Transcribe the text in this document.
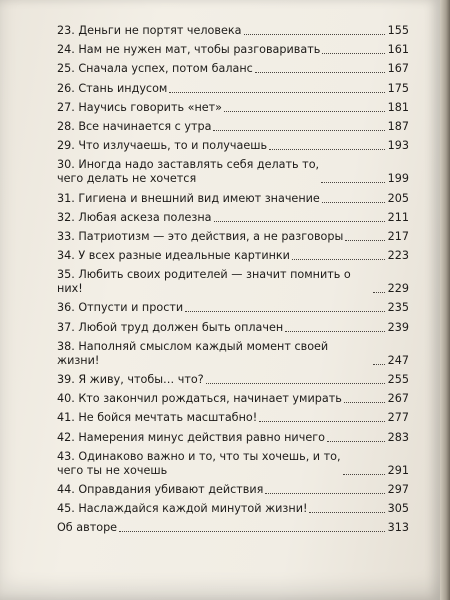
23. Деньги не портят человека	155
24. Нам не нужен мат, чтобы разговаривать	161
25. Сначала успех, потом баланс	167
26. Стань индусом	175
27. Научись говорить «нет»	181
28. Все начинается с утра	187
29. Что излучаешь, то и получаешь	193
30. Иногда надо заставлять себя делать то,
чего делать не хочется	199
31. Гигиена и внешний вид имеют значение	205
32. Любая аскеза полезна	211
33. Патриотизм — это действия, а не разговоры	217
34. У всех разные идеальные картинки	223
35. Любить своих родителей — значит помнить о них!	229
36. Отпусти и прости	235
37. Любой труд должен быть оплачен	239
38. Наполняй смыслом каждый момент своей жизни!	247
39. Я живу, чтобы… что?	255
40. Кто закончил рождаться, начинает умирать	267
41. Не бойся мечтать масштабно!	277
42. Намерения минус действия равно ничего	283
43. Одинаково важно и то, что ты хочешь, и то,
чего ты не хочешь	291
44. Оправдания убивают действия	297
45. Наслаждайся каждой минутой жизни!	305
Об авторе	313
